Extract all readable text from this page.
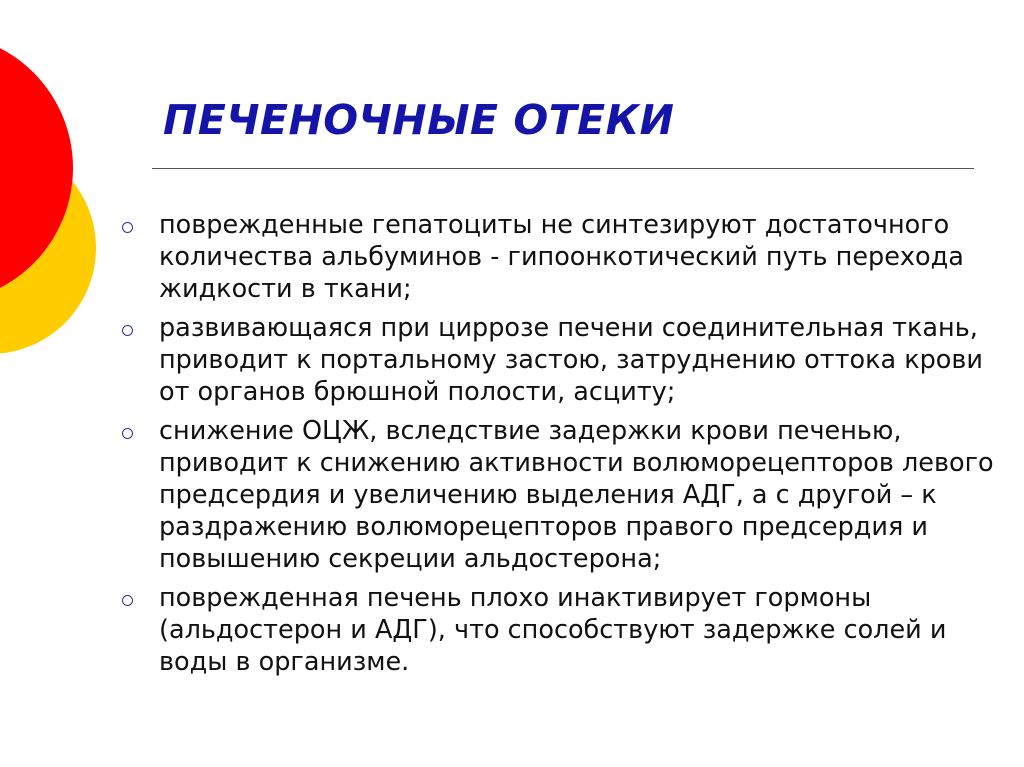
ПЕЧЕНОЧНЫЕ ОТЕКИ
поврежденные гепатоциты не синтезируют достаточного количества альбуминов - гипоонкотический путь перехода жидкости в ткани;
развивающаяся при циррозе печени соединительная ткань, приводит к портальному застою, затруднению оттока крови от органов брюшной полости, асциту;
снижение ОЦЖ, вследствие задержки крови печенью, приводит к снижению активности волюморецепторов левого предсердия и увеличению выделения АДГ, а с другой – к раздражению волюморецепторов правого предсердия и повышению секреции альдостерона;
поврежденная печень плохо инактивирует гормоны (альдостерон и АДГ), что способствуют задержке солей и воды в организме.
